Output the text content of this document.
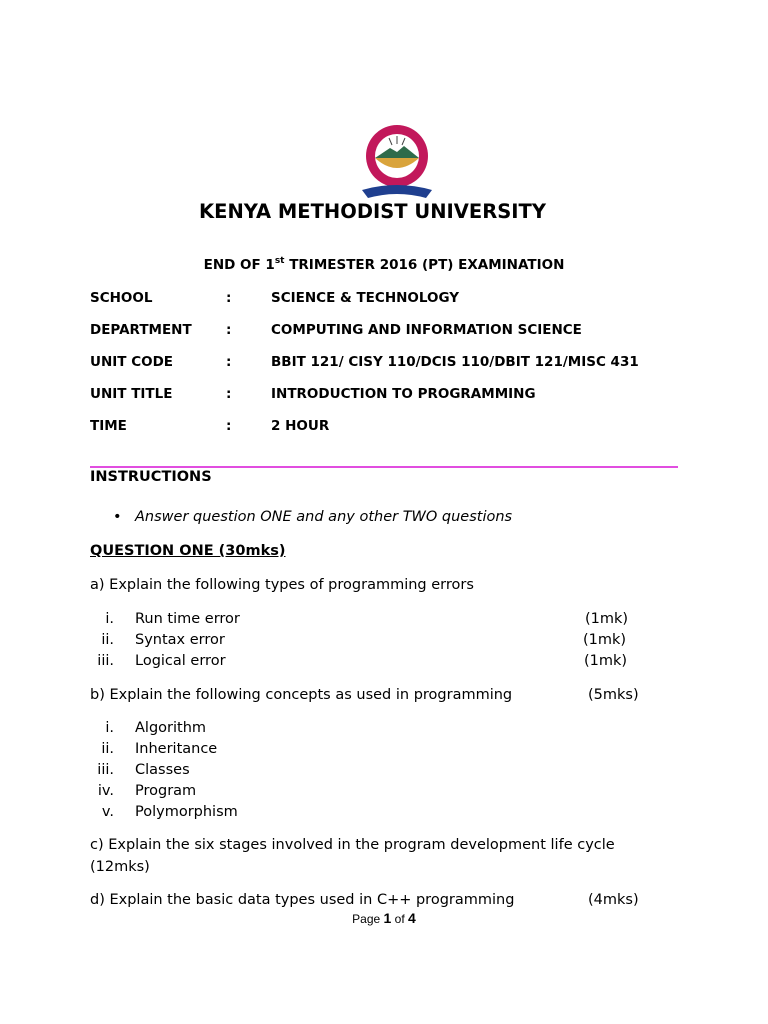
KENYA METHODIST UNIVERSITY
END OF 1st TRIMESTER 2016 (PT) EXAMINATION
SCHOOL	:	SCIENCE & TECHNOLOGY
DEPARTMENT	:	COMPUTING AND INFORMATION SCIENCE
UNIT CODE	:	BBIT 121/ CISY 110/DCIS 110/DBIT 121/MISC 431
UNIT TITLE	:	INTRODUCTION TO PROGRAMMING
TIME	:	2 HOUR
INSTRUCTIONS
• Answer question ONE and any other TWO questions
QUESTION ONE (30mks)
a) Explain the following types of programming errors
i. Run time error	(1mk)
ii. Syntax error	(1mk)
iii. Logical error	(1mk)
b) Explain the following concepts as used in programming	(5mks)
i. Algorithm
ii. Inheritance
iii. Classes
iv. Program
v. Polymorphism
c) Explain the six stages involved in the program development life cycle
(12mks)
d) Explain the basic data types used in C++ programming	(4mks)
Page 1 of 4
